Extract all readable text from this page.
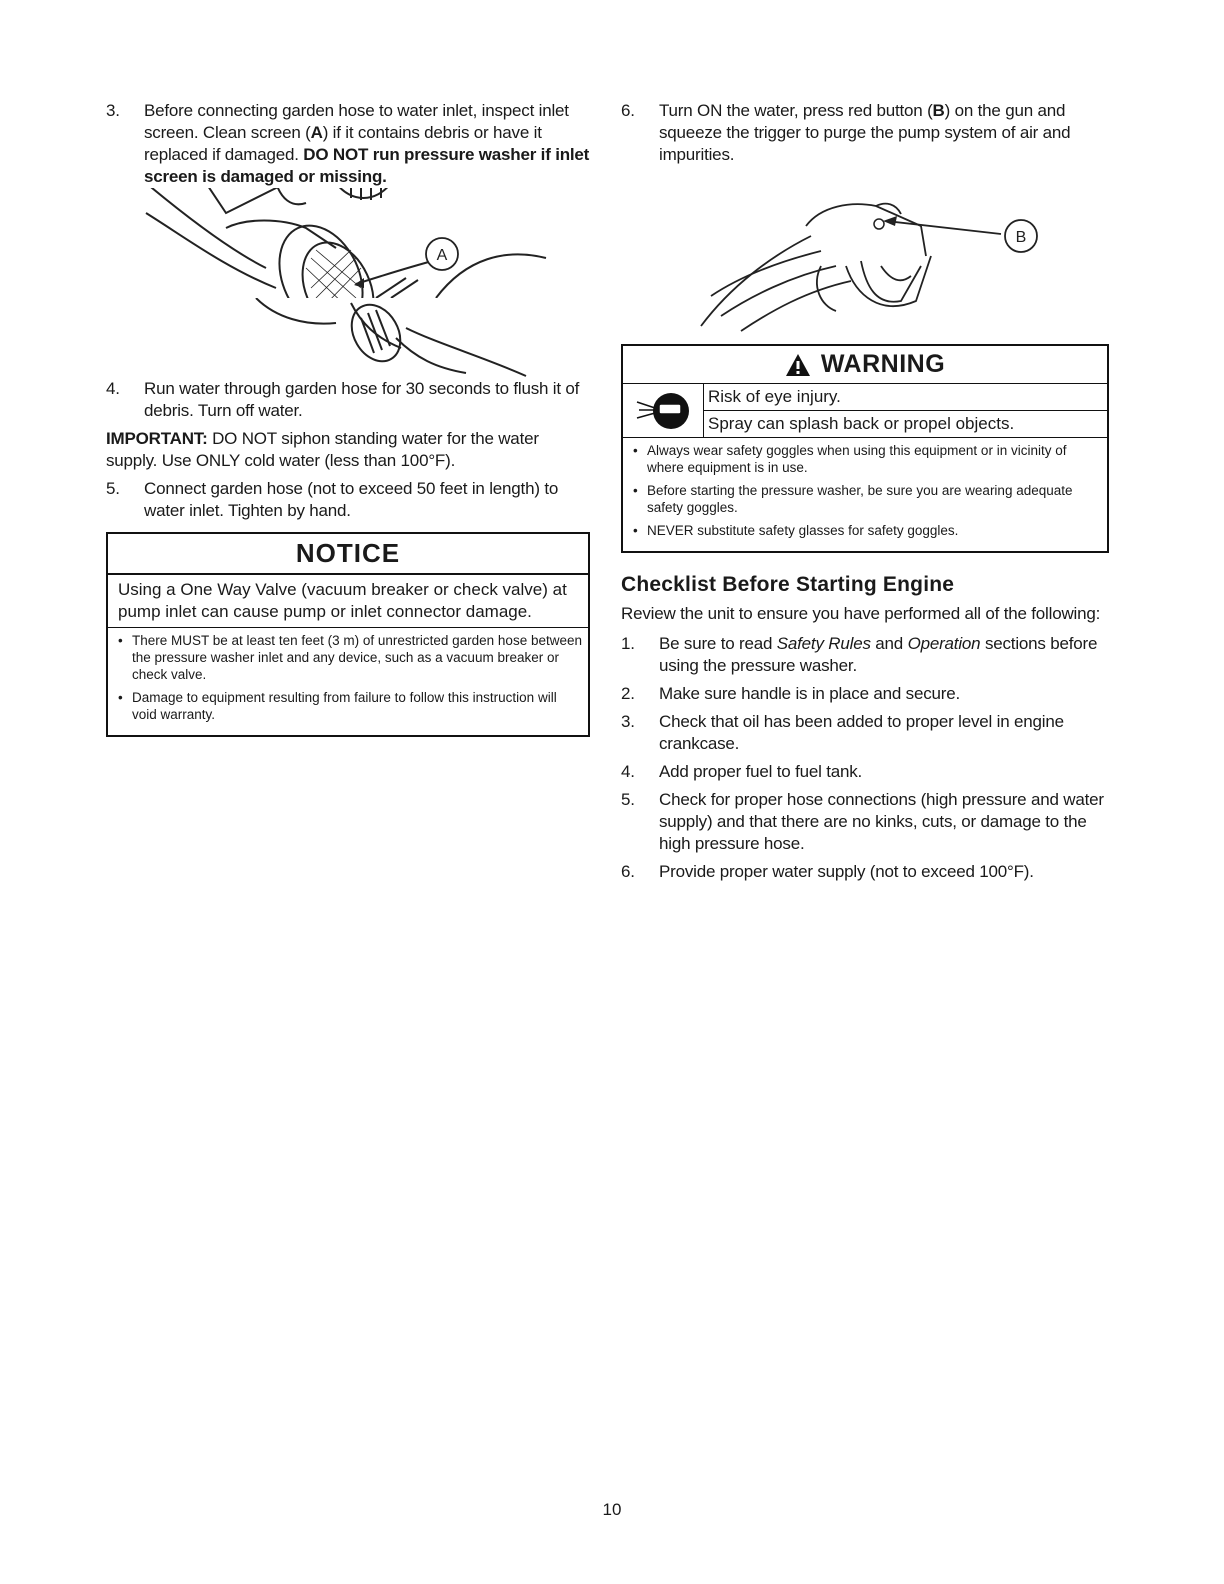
3.	Before connecting garden hose to water inlet, inspect inlet screen. Clean screen (A) if it contains debris or have it replaced if damaged. DO NOT run pressure washer if inlet screen is damaged or missing.
A
4.	Run water through garden hose for 30 seconds to flush it of debris. Turn off water.
IMPORTANT: DO NOT siphon standing water for the water supply. Use ONLY cold water (less than 100°F).
5.	Connect garden hose (not to exceed 50 feet in length) to water inlet. Tighten by hand.
NOTICE
Using a One Way Valve (vacuum breaker or check valve) at pump inlet can cause pump or inlet connector damage.
• There MUST be at least ten feet (3 m) of unrestricted garden hose between the pressure washer inlet and any device, such as a vacuum breaker or check valve.
• Damage to equipment resulting from failure to follow this instruction will void warranty.
6.	Turn ON the water, press red button (B) on the gun and squeeze the trigger to purge the pump system of air and impurities.
B
WARNING
Risk of eye injury.
Spray can splash back or propel objects.
• Always wear safety goggles when using this equipment or in vicinity of where equipment is in use.
• Before starting the pressure washer, be sure you are wearing adequate safety goggles.
• NEVER substitute safety glasses for safety goggles.
Checklist Before Starting Engine
Review the unit to ensure you have performed all of the following:
1.	Be sure to read Safety Rules and Operation sections before using the pressure washer.
2.	Make sure handle is in place and secure.
3.	Check that oil has been added to proper level in engine crankcase.
4.	Add proper fuel to fuel tank.
5.	Check for proper hose connections (high pressure and water supply) and that there are no kinks, cuts, or damage to the high pressure hose.
6.	Provide proper water supply (not to exceed 100°F).
10
